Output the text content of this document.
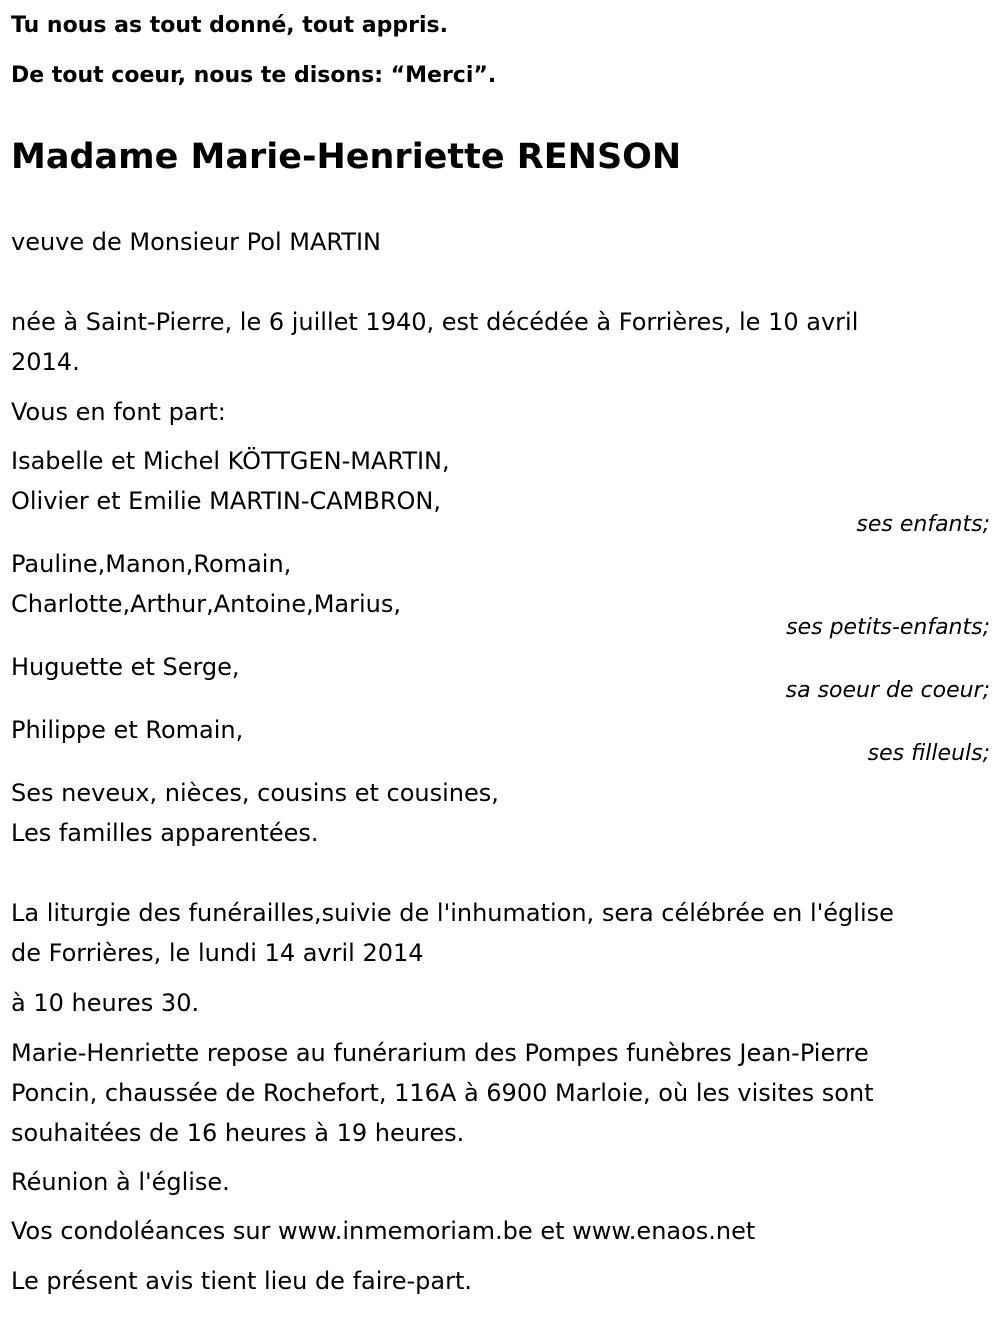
Tu nous as tout donné, tout appris.

De tout coeur, nous te disons: “Merci”.

Madame Marie-Henriette RENSON

veuve de Monsieur Pol MARTIN

née à Saint-Pierre, le 6 juillet 1940, est décédée à Forrières, le 10 avril

2014.

Vous en font part:

Isabelle et Michel KÖTTGEN-MARTIN,

Olivier et Emilie MARTIN-CAMBRON,

ses enfants;

Pauline,Manon,Romain,

Charlotte,Arthur,Antoine,Marius,

ses petits-enfants;

Huguette et Serge,

sa soeur de coeur;

Philippe et Romain,

ses filleuls;

Ses neveux, nièces, cousins et cousines,

Les familles apparentées.

La liturgie des funérailles,suivie de l'inhumation, sera célébrée en l'église

de Forrières, le lundi 14 avril 2014

à 10 heures 30.

Marie-Henriette repose au funérarium des Pompes funèbres Jean-Pierre

Poncin, chaussée de Rochefort, 116A à 6900 Marloie, où les visites sont

souhaitées de 16 heures à 19 heures.

Réunion à l'église.

Vos condoléances sur www.inmemoriam.be et www.enaos.net

Le présent avis tient lieu de faire-part.
